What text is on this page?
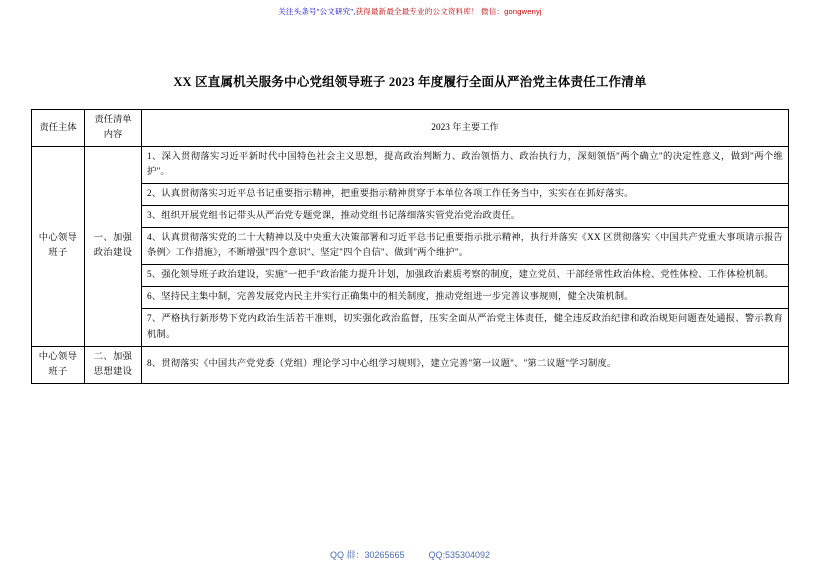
关注头条号"公文研究",获得最新最全最专业的公文资料库！ 微信：gongwenyj
XX 区直属机关服务中心党组领导班子 2023 年度履行全面从严治党主体责任工作清单
责任主体	责任清单内容	2023 年主要工作
中心领导班子	一、加强政治建设	1、深入贯彻落实习近平新时代中国特色社会主义思想，提高政治判断力、政治领悟力、政治执行力，深刻领悟"两个确立"的决定性意义，做到"两个维护"。
		2、认真贯彻落实习近平总书记重要指示精神，把重要指示精神贯穿于本单位各项工作任务当中，实实在在抓好落实。
		3、组织开展党组书记带头从严治党专题党课，推动党组书记落细落实管党治党治政责任。
		4、认真贯彻落实党的二十大精神以及中央重大决策部署和习近平总书记重要指示批示精神，执行并落实《XX 区贯彻落实〈中国共产党重大事项请示报告条例〉工作措施》，不断增强"四个意识"、坚定"四个自信"、做到"两个维护"。
		5、强化领导班子政治建设，实施"一把手"政治能力提升计划，加强政治素质考察的制度，建立党员、干部经常性政治体检、党性体检、工作体检机制。
		6、坚持民主集中制，完善发展党内民主并实行正确集中的相关制度，推动党组进一步完善议事规则，健全决策机制。
		7、严格执行新形势下党内政治生活若干准则，切实强化政治监督，压实全面从严治党主体责任，健全违反政治纪律和政治规矩问题查处通报、警示教育机制。
中心领导班子	二、加强思想建设	8、贯彻落实《中国共产党党委（党组）理论学习中心组学习规则》，建立完善"第一议题"、"第二议题"学习制度。
QQ 群：30265665	QQ:535304092
